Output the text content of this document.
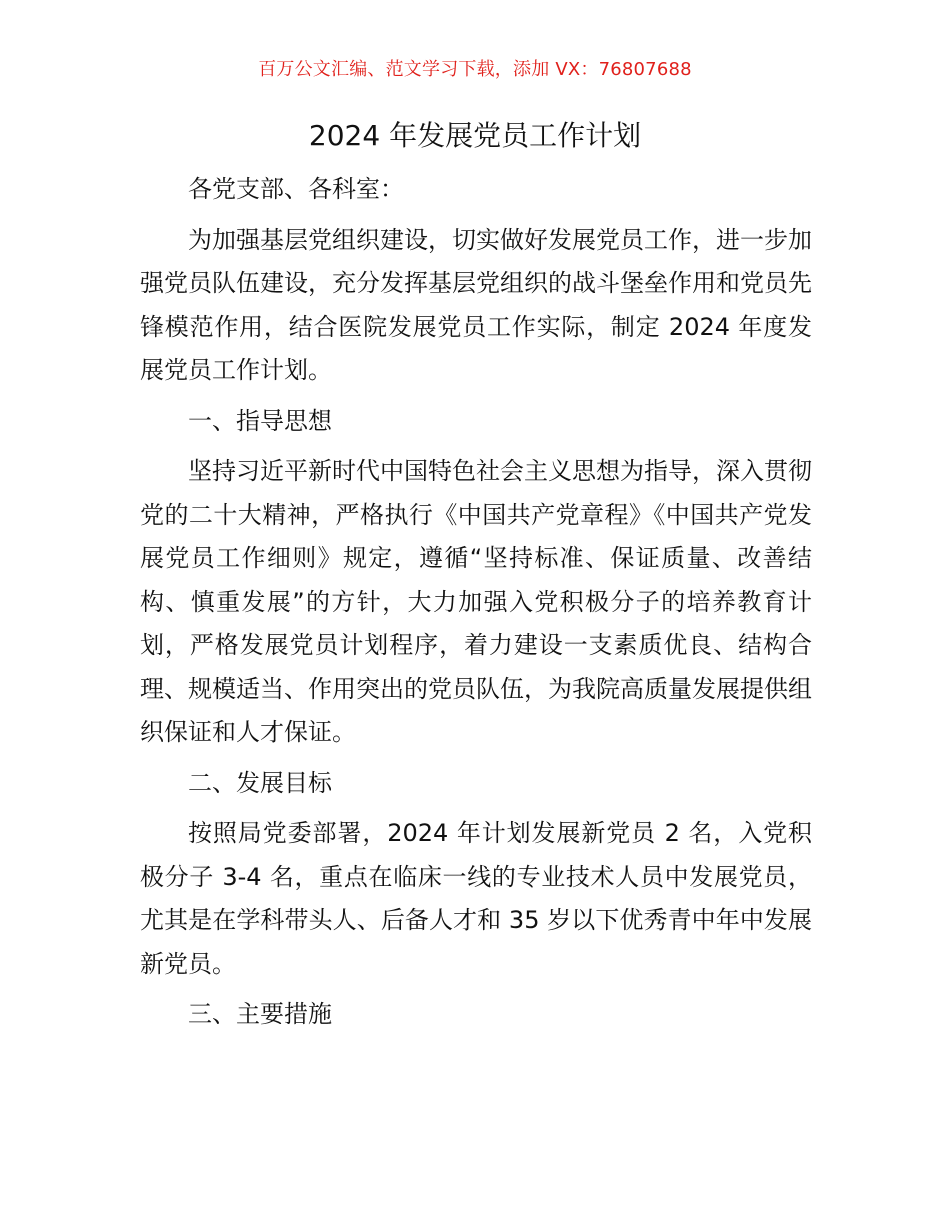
百万公文汇编、范文学习下载，添加 VX：76807688
2024 年发展党员工作计划

各党支部、各科室：

为加强基层党组织建设，切实做好发展党员工作，进一步加强党员队伍建设，充分发挥基层党组织的战斗堡垒作用和党员先锋模范作用，结合医院发展党员工作实际，制定 2024 年度发展党员工作计划。

一、指导思想

坚持习近平新时代中国特色社会主义思想为指导，深入贯彻党的二十大精神，严格执行《中国共产党章程》《中国共产党发展党员工作细则》规定，遵循“坚持标准、保证质量、改善结构、慎重发展”的方针，大力加强入党积极分子的培养教育计划，严格发展党员计划程序，着力建设一支素质优良、结构合理、规模适当、作用突出的党员队伍，为我院高质量发展提供组织保证和人才保证。

二、发展目标

按照局党委部署，2024 年计划发展新党员 2 名，入党积极分子 3-4 名，重点在临床一线的专业技术人员中发展党员，尤其是在学科带头人、后备人才和 35 岁以下优秀青中年中发展新党员。

三、主要措施
